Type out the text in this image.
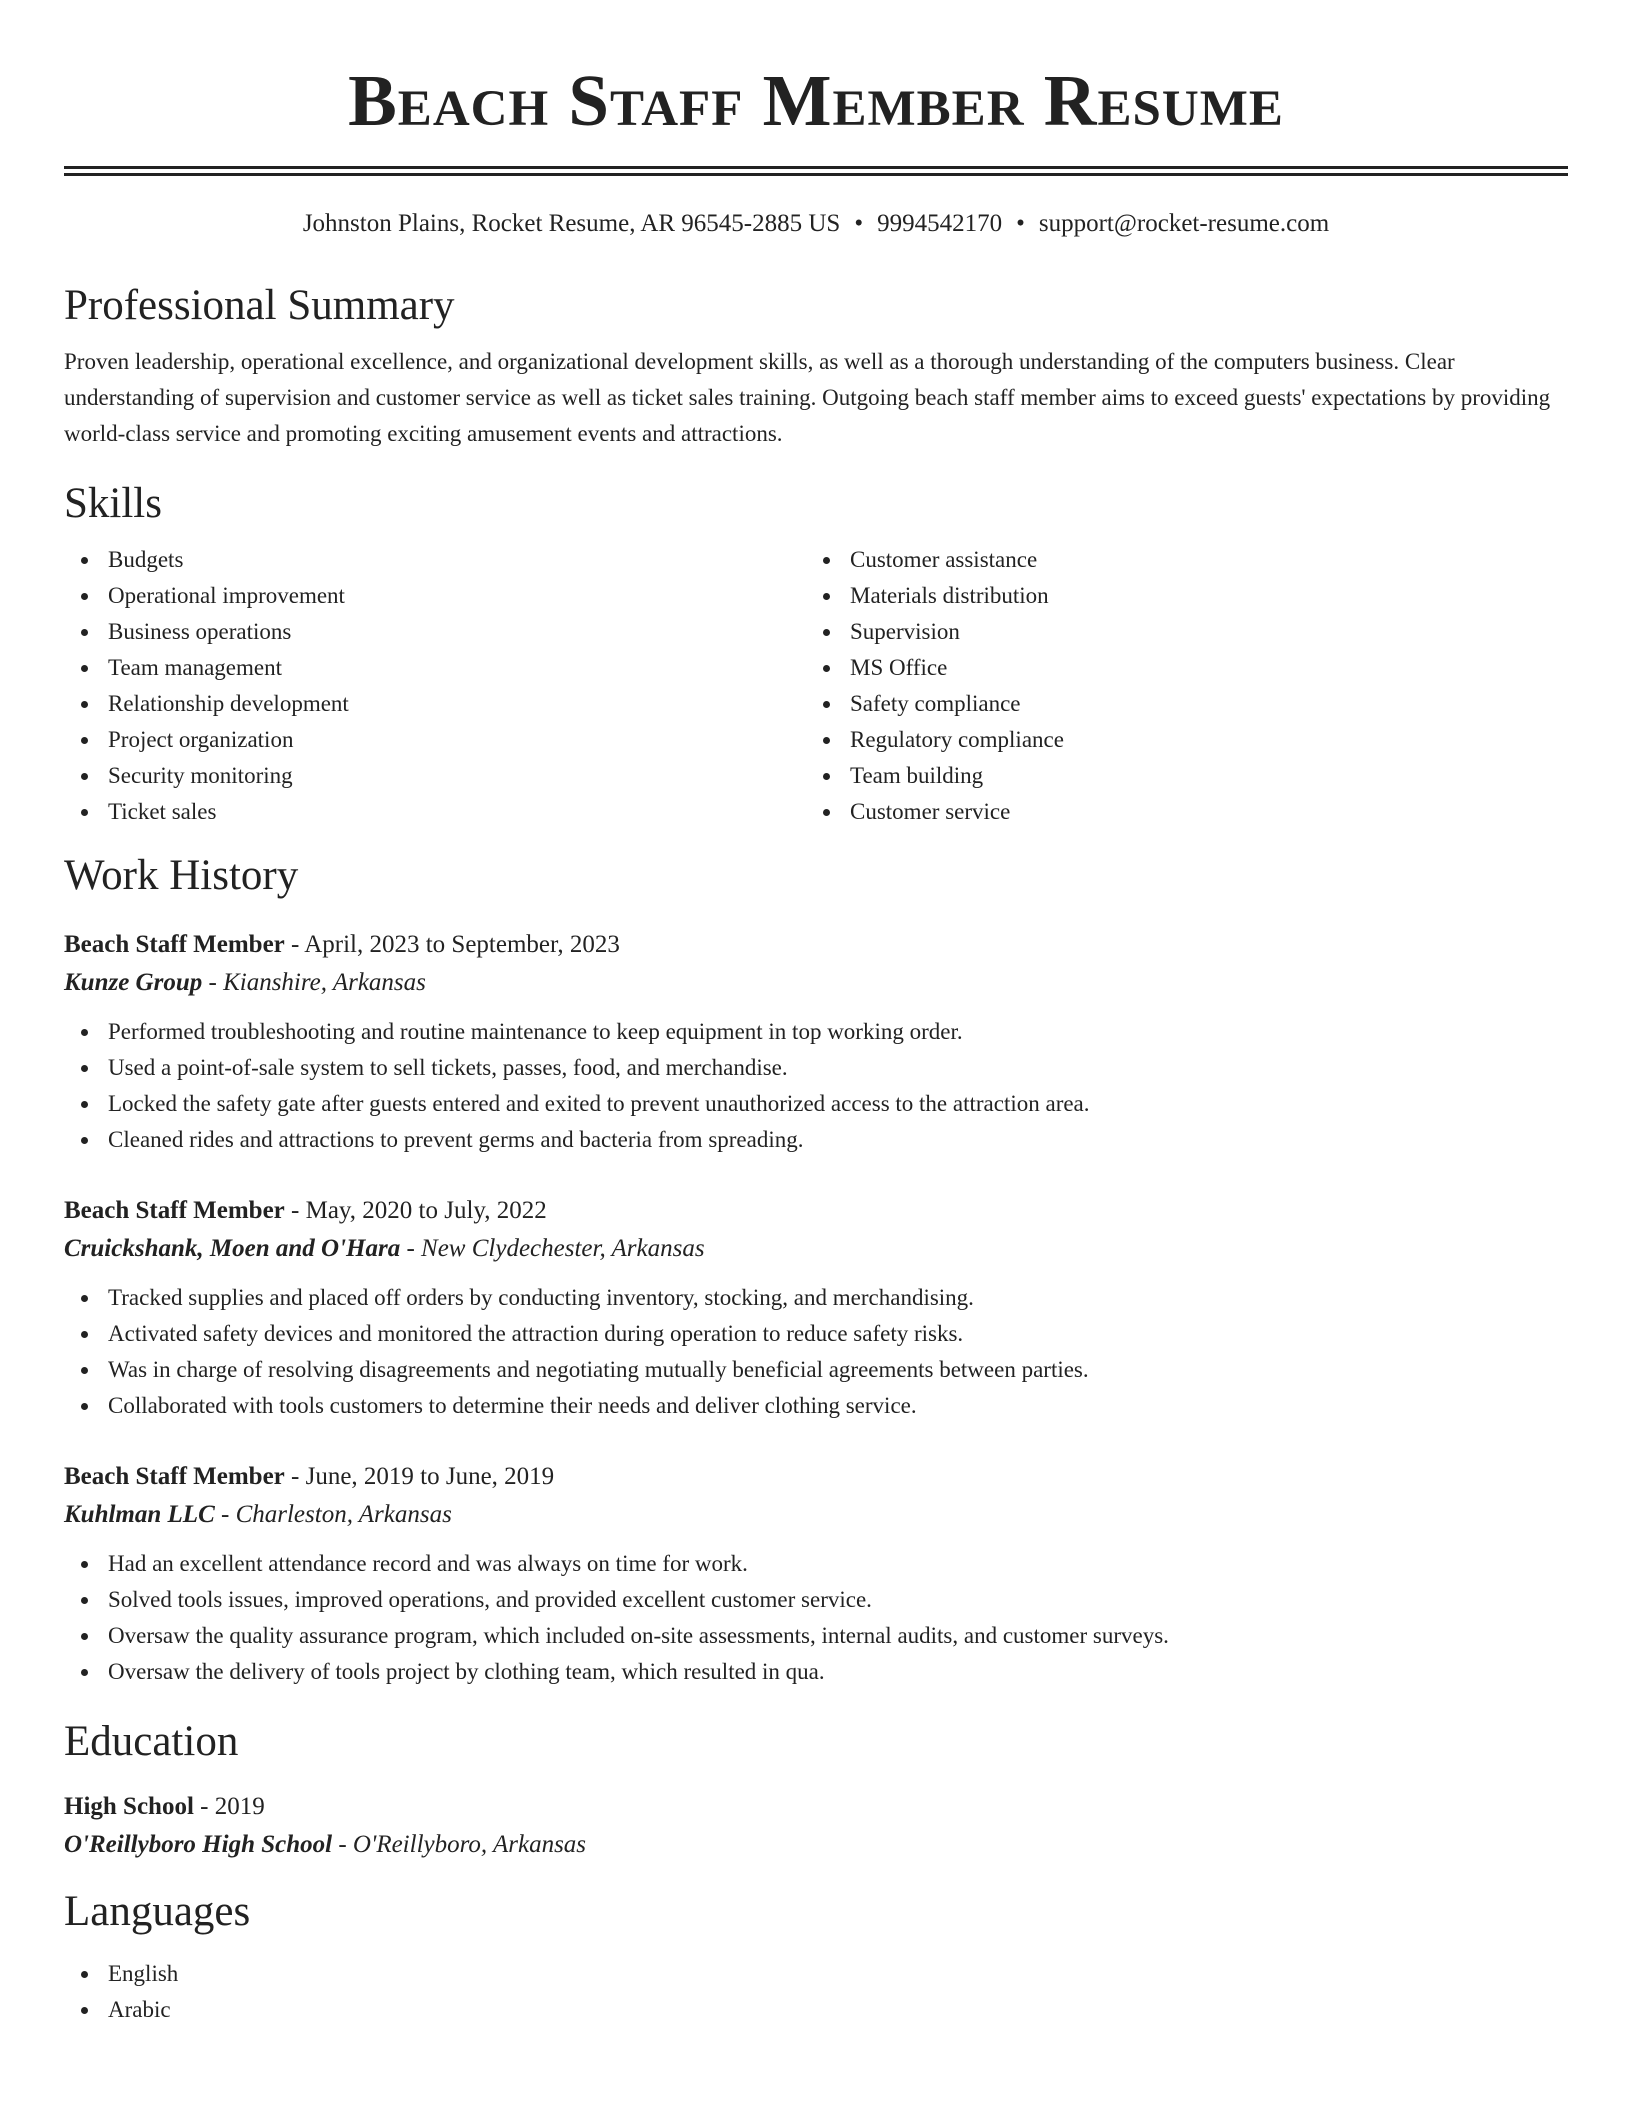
Beach Staff Member Resume
Johnston Plains, Rocket Resume, AR 96545-2885 US • 9994542170 • support@rocket-resume.com
Professional Summary

Proven leadership, operational excellence, and organizational development skills, as well as a thorough understanding of the computers business. Clear understanding of supervision and customer service as well as ticket sales training. Outgoing beach staff member aims to exceed guests' expectations by providing world-class service and promoting exciting amusement events and attractions.

Skills
Budgets
Operational improvement
Business operations
Team management
Relationship development
Project organization
Security monitoring
Ticket sales
Customer assistance
Materials distribution
Supervision
MS Office
Safety compliance
Regulatory compliance
Team building
Customer service
Work History
Beach Staff Member - April, 2023 to September, 2023
Kunze Group - Kianshire, Arkansas
Performed troubleshooting and routine maintenance to keep equipment in top working order.
Used a point-of-sale system to sell tickets, passes, food, and merchandise.
Locked the safety gate after guests entered and exited to prevent unauthorized access to the attraction area.
Cleaned rides and attractions to prevent germs and bacteria from spreading.
Beach Staff Member - May, 2020 to July, 2022
Cruickshank, Moen and O'Hara - New Clydechester, Arkansas
Tracked supplies and placed off orders by conducting inventory, stocking, and merchandising.
Activated safety devices and monitored the attraction during operation to reduce safety risks.
Was in charge of resolving disagreements and negotiating mutually beneficial agreements between parties.
Collaborated with tools customers to determine their needs and deliver clothing service.
Beach Staff Member - June, 2019 to June, 2019
Kuhlman LLC - Charleston, Arkansas
Had an excellent attendance record and was always on time for work.
Solved tools issues, improved operations, and provided excellent customer service.
Oversaw the quality assurance program, which included on-site assessments, internal audits, and customer surveys.
Oversaw the delivery of tools project by clothing team, which resulted in qua.
Education
High School - 2019
O'Reillyboro High School - O'Reillyboro, Arkansas
Languages
English
Arabic
